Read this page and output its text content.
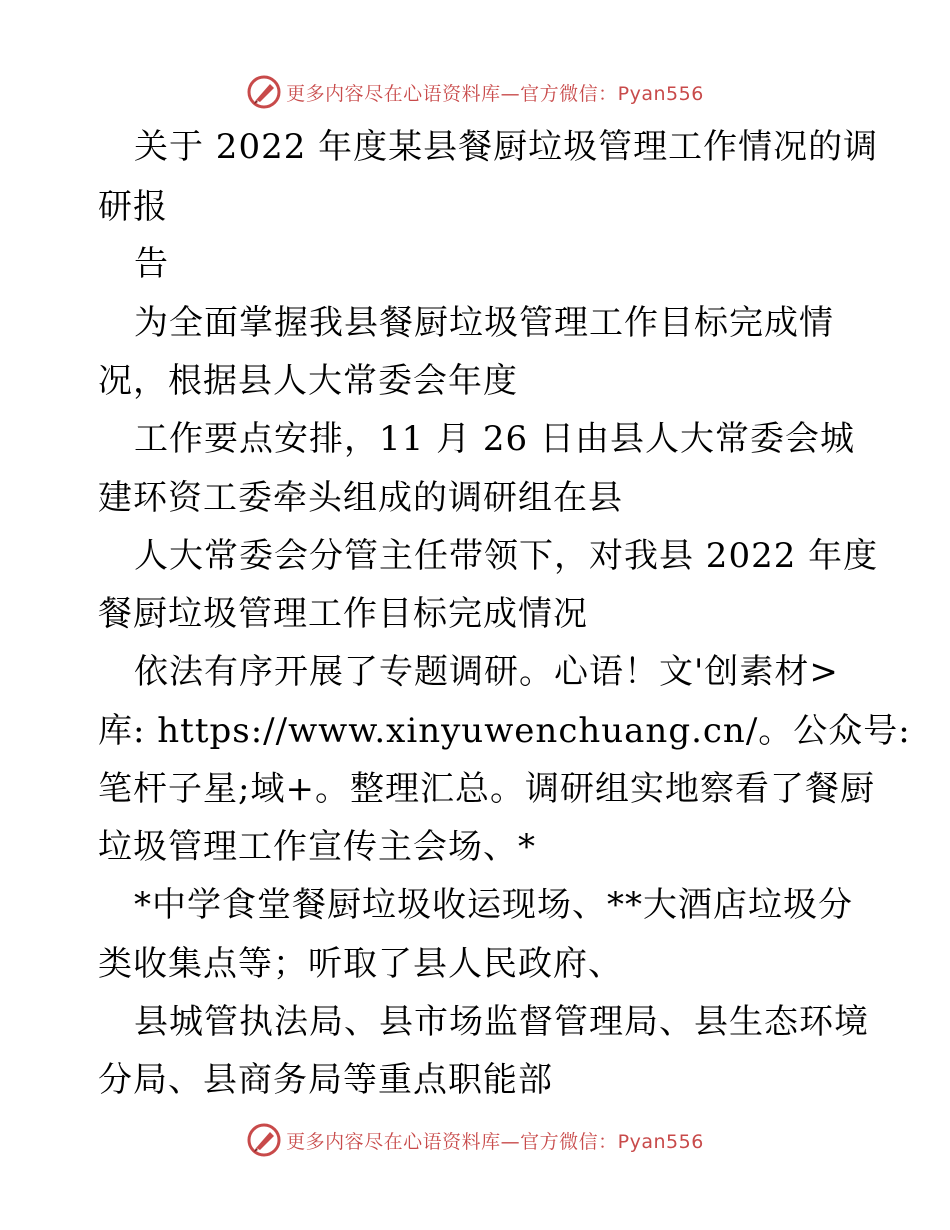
更多内容尽在心语资料库—官方微信：Pyan556
关于 2022 年度某县餐厨垃圾管理工作情况的调
研报
告
为全面掌握我县餐厨垃圾管理工作目标完成情
况，根据县人大常委会年度
工作要点安排，11 月 26 日由县人大常委会城
建环资工委牵头组成的调研组在县
人大常委会分管主任带领下，对我县 2022 年度
餐厨垃圾管理工作目标完成情况
依法有序开展了专题调研。心语！文'创素材>
库: https://www.xinyuwenchuang.cn/。公众号:
笔杆子星;域+。整理汇总。调研组实地察看了餐厨
垃圾管理工作宣传主会场、*
*中学食堂餐厨垃圾收运现场、**大酒店垃圾分
类收集点等；听取了县人民政府、
县城管执法局、县市场监督管理局、县生态环境
分局、县商务局等重点职能部
更多内容尽在心语资料库—官方微信：Pyan556
